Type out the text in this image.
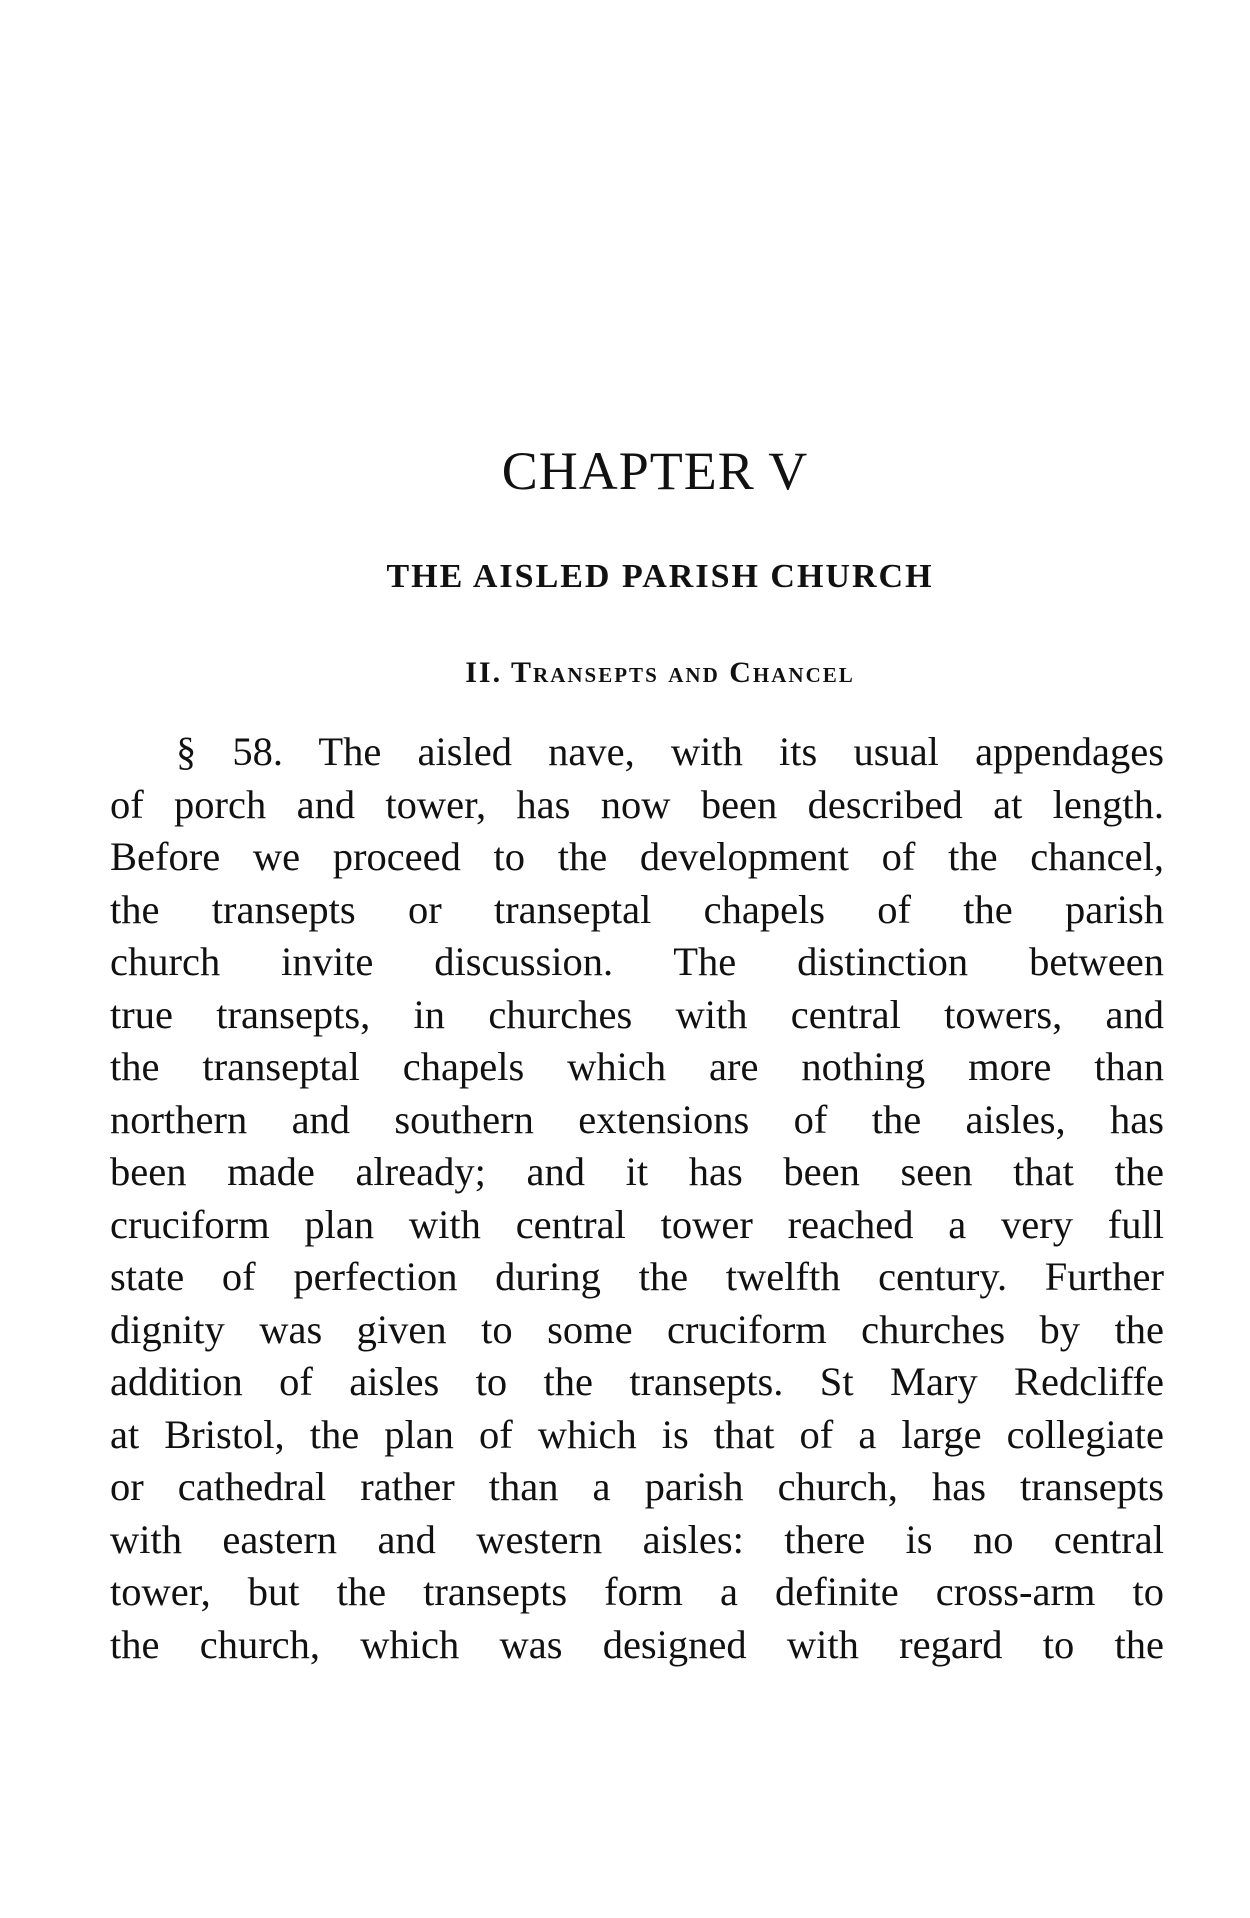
CHAPTER V
THE AISLED PARISH CHURCH
II. Transepts and Chancel

§ 58. The aisled nave, with its usual appendages
of porch and tower, has now been described at length.
Before we proceed to the development of the chancel,
the transepts or transeptal chapels of the parish
church invite discussion. The distinction between
true transepts, in churches with central towers, and
the transeptal chapels which are nothing more than
northern and southern extensions of the aisles, has
been made already; and it has been seen that the
cruciform plan with central tower reached a very full
state of perfection during the twelfth century. Further
dignity was given to some cruciform churches by the
addition of aisles to the transepts. St Mary Redcliffe
at Bristol, the plan of which is that of a large collegiate
or cathedral rather than a parish church, has transepts
with eastern and western aisles: there is no central
tower, but the transepts form a definite cross-arm to
the church, which was designed with regard to the
